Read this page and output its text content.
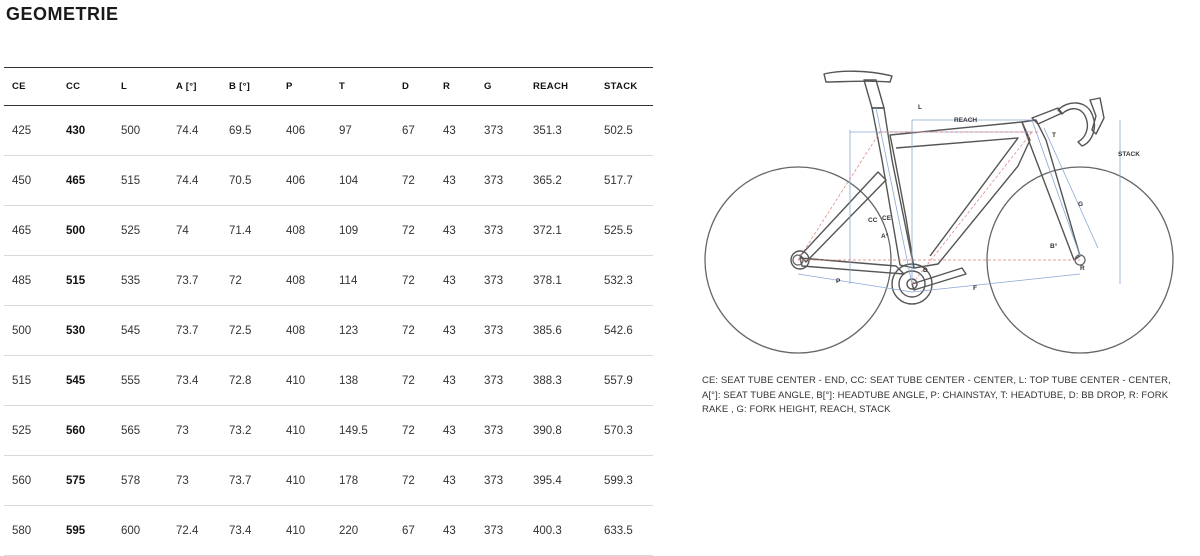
GEOMETRIE
CE	CC	L	A [°]	B [°]	P	T	D	R	G	REACH	STACK
425	430	500	74.4	69.5	406	97	67	43	373	351.3	502.5
450	465	515	74.4	70.5	406	104	72	43	373	365.2	517.7
465	500	525	74	71.4	408	109	72	43	373	372.1	525.5
485	515	535	73.7	72	408	114	72	43	373	378.1	532.3
500	530	545	73.7	72.5	408	123	72	43	373	385.6	542.6
515	545	555	73.4	72.8	410	138	72	43	373	388.3	557.9
525	560	565	73	73.2	410	149.5	72	43	373	390.8	570.3
560	575	578	73	73.7	410	178	72	43	373	395.4	599.3
580	595	600	72.4	73.4	410	220	67	43	373	400.3	633.5
L
REACH
T
STACK
G
CC CE
A°
B°
D	R
P
F
CE: SEAT TUBE CENTER - END, CC: SEAT TUBE CENTER - CENTER, L: TOP TUBE CENTER - CENTER, A[°]: SEAT TUBE ANGLE, B[°]: HEADTUBE ANGLE, P: CHAINSTAY, T: HEADTUBE, D: BB DROP, R: FORK RAKE , G: FORK HEIGHT, REACH, STACK
